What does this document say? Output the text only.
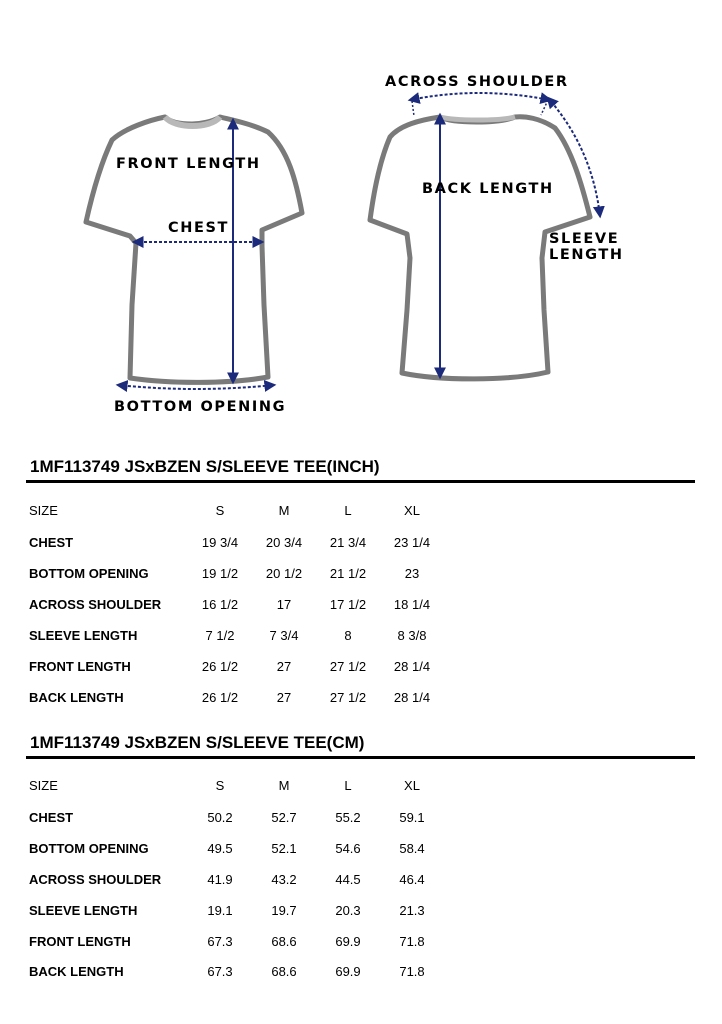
FRONT LENGTH
CHEST
BOTTOM OPENING
ACROSS SHOULDER
BACK LENGTH
SLEEVE
LENGTH
1MF113749 JSxBZEN S/SLEEVE TEE(INCH)
SIZE	S	M	L	XL
CHEST	19 3/4	20 3/4	21 3/4	23 1/4
BOTTOM OPENING	19 1/2	20 1/2	21 1/2	23
ACROSS SHOULDER	16 1/2	17	17 1/2	18 1/4
SLEEVE LENGTH	7 1/2	7 3/4	8	8 3/8
FRONT LENGTH	26 1/2	27	27 1/2	28 1/4
BACK LENGTH	26 1/2	27	27 1/2	28 1/4
1MF113749 JSxBZEN S/SLEEVE TEE(CM)
SIZE	S	M	L	XL
CHEST	50.2	52.7	55.2	59.1
BOTTOM OPENING	49.5	52.1	54.6	58.4
ACROSS SHOULDER	41.9	43.2	44.5	46.4
SLEEVE LENGTH	19.1	19.7	20.3	21.3
FRONT LENGTH	67.3	68.6	69.9	71.8
BACK LENGTH	67.3	68.6	69.9	71.8
